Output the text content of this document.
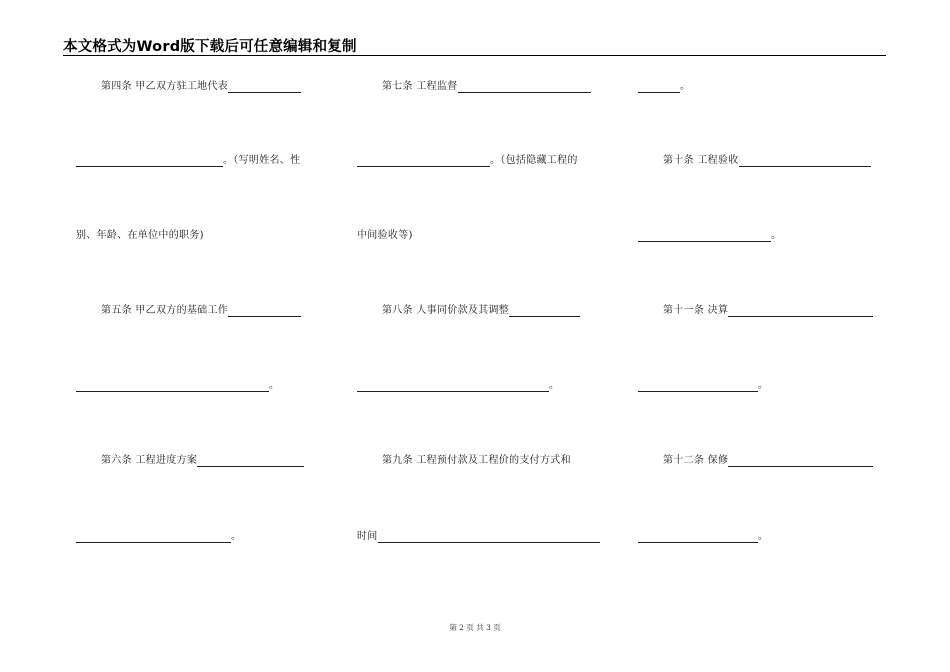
本文格式为Word版下载后可任意编辑和复制
第四条 甲乙双方驻工地代表
。（写明姓名、性
别、年龄、在单位中的职务)
第五条 甲乙双方的基础工作
。
第六条 工程进度方案
。
第七条 工程监督
。（包括隐藏工程的
中间验收等)
第八条 人事同价款及其调整
。
第九条 工程预付款及工程价的支付方式和
时间
。
第十条 工程验收
。
第十一条 决算
。
第十二条 保修
。
第 2 页 共 3 页
